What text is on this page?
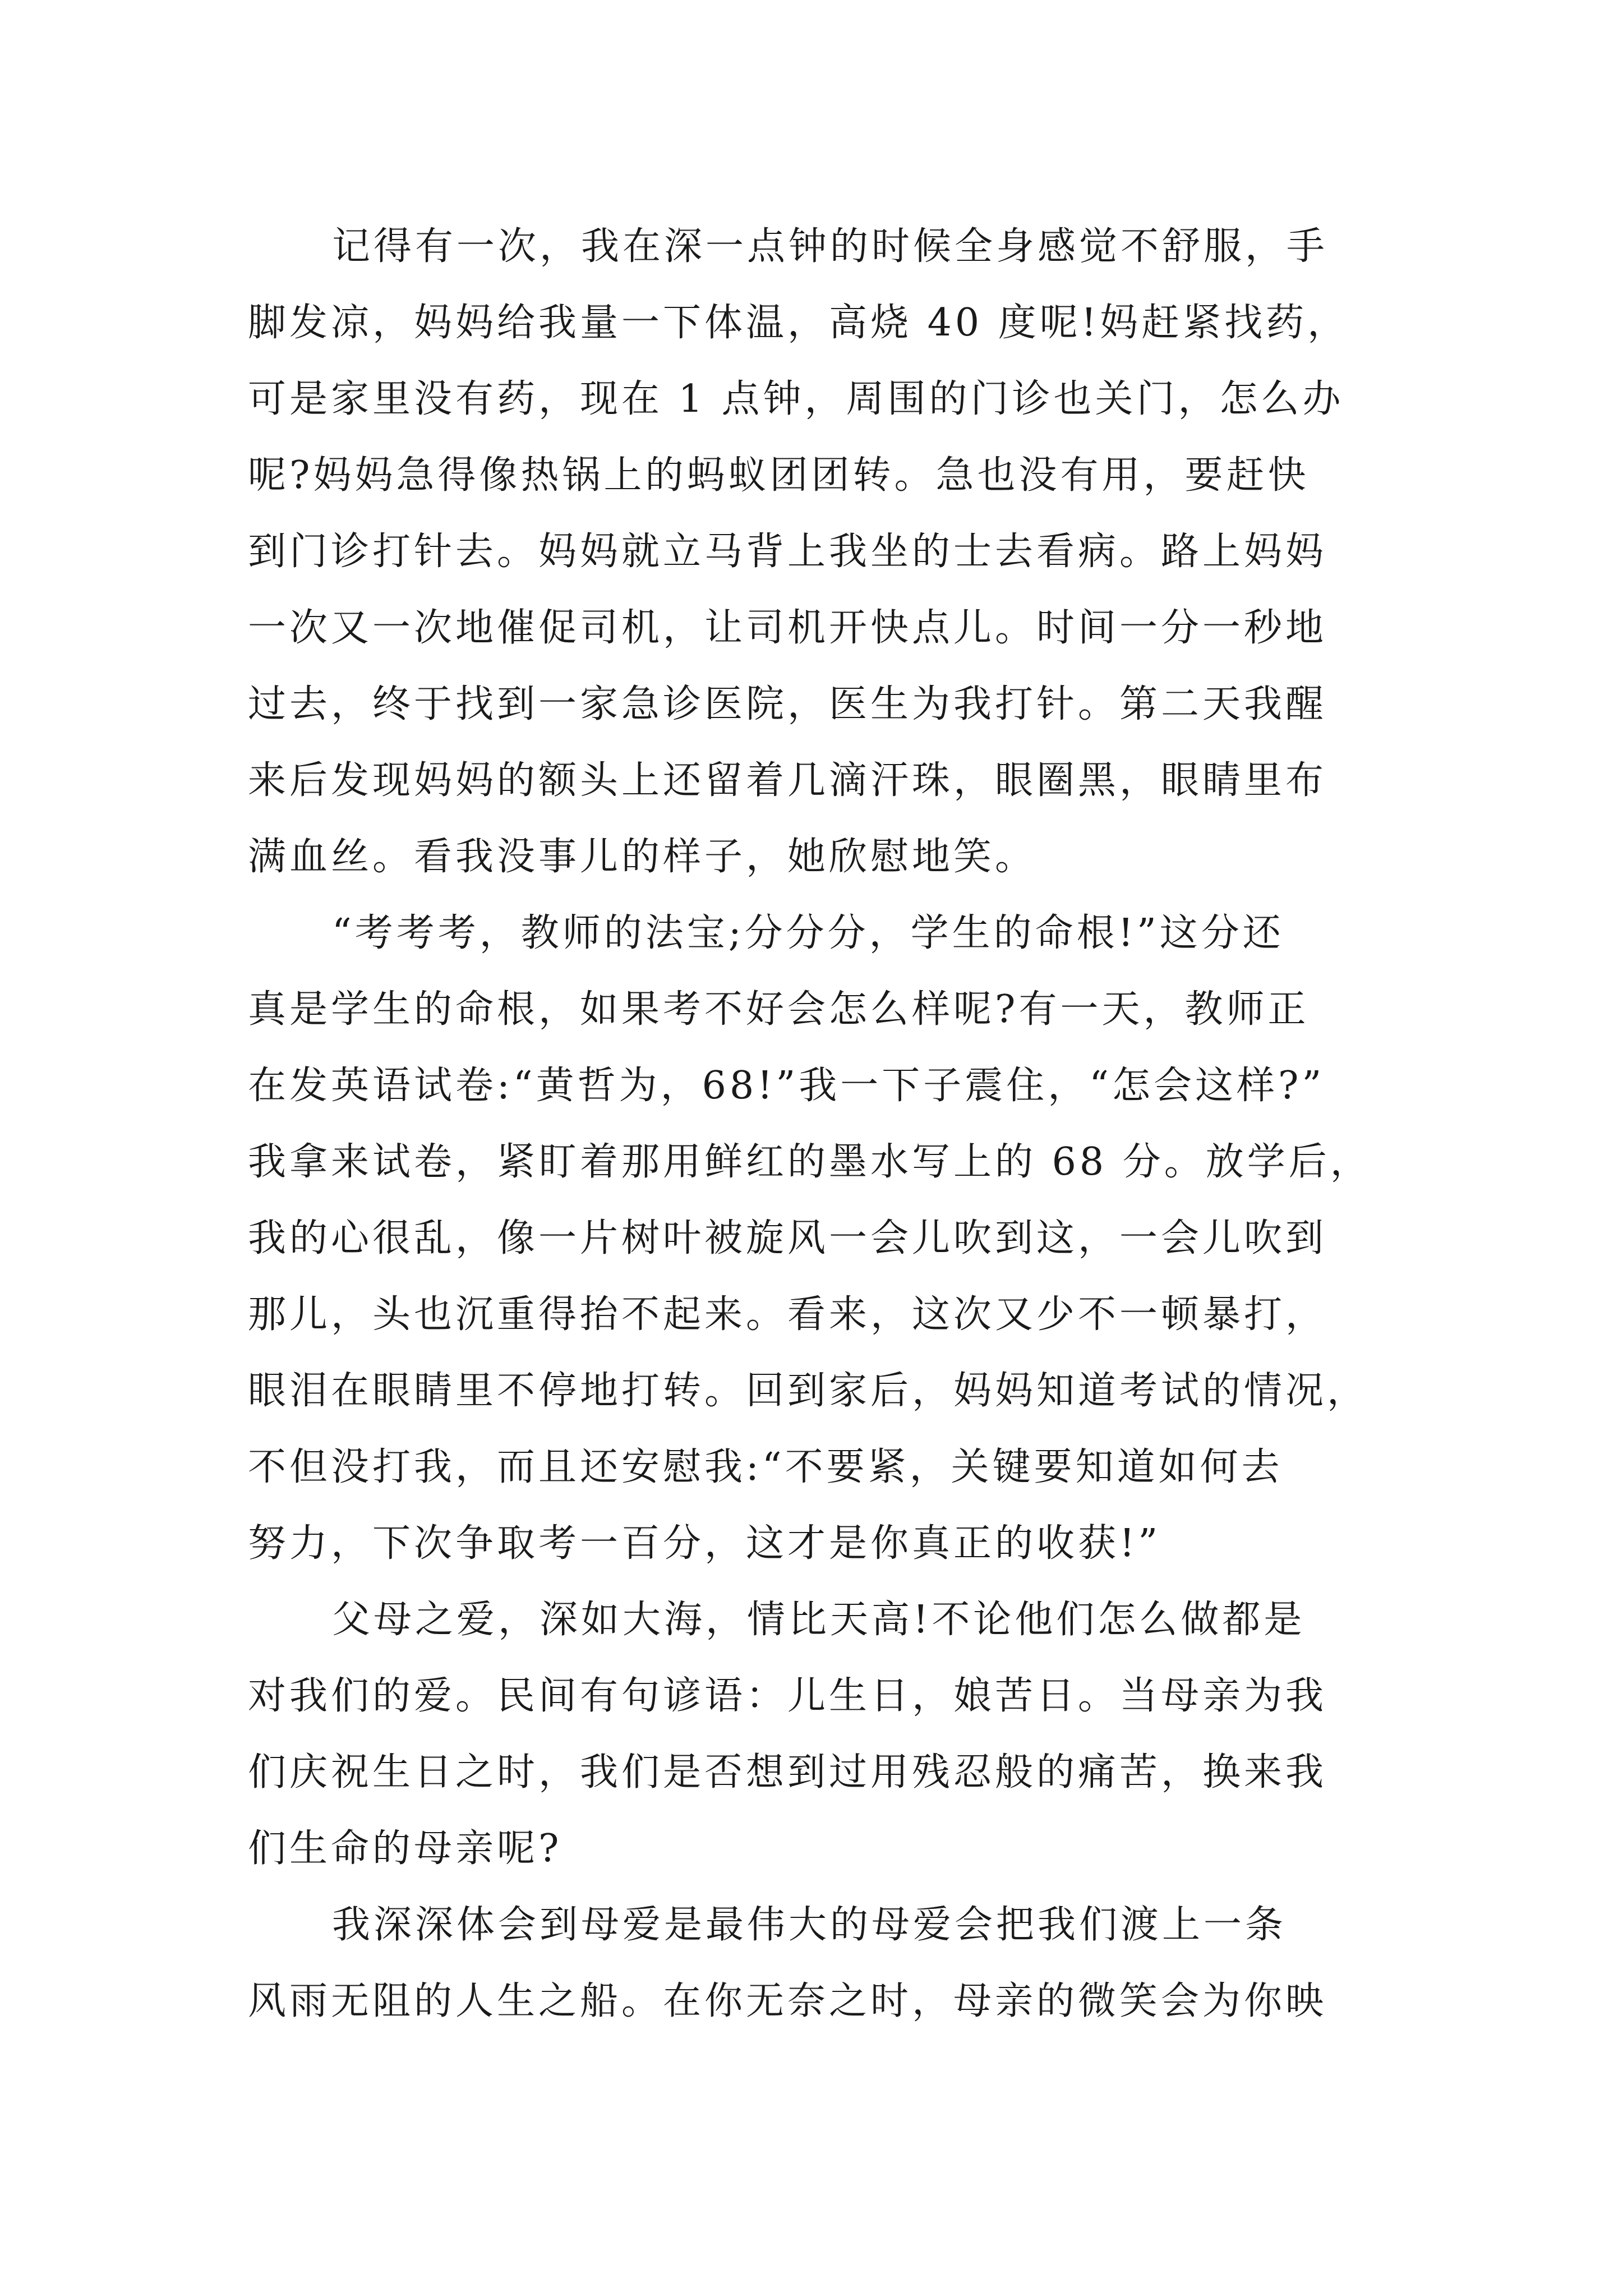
记得有一次，我在深一点钟的时候全身感觉不舒服，手
脚发凉，妈妈给我量一下体温，高烧 40 度呢!妈赶紧找药，
可是家里没有药，现在 1 点钟，周围的门诊也关门，怎么办
呢?妈妈急得像热锅上的蚂蚁团团转。急也没有用，要赶快
到门诊打针去。妈妈就立马背上我坐的士去看病。路上妈妈
一次又一次地催促司机，让司机开快点儿。时间一分一秒地
过去，终于找到一家急诊医院，医生为我打针。第二天我醒
来后发现妈妈的额头上还留着几滴汗珠，眼圈黑，眼睛里布
满血丝。看我没事儿的样子，她欣慰地笑。
“考考考，教师的法宝;分分分，学生的命根!”这分还
真是学生的命根，如果考不好会怎么样呢?有一天，教师正
在发英语试卷:“黄哲为，68!”我一下子震住，“怎会这样?”
我拿来试卷，紧盯着那用鲜红的墨水写上的 68 分。放学后，
我的心很乱，像一片树叶被旋风一会儿吹到这，一会儿吹到
那儿，头也沉重得抬不起来。看来，这次又少不一顿暴打，
眼泪在眼睛里不停地打转。回到家后，妈妈知道考试的情况，
不但没打我，而且还安慰我:“不要紧，关键要知道如何去
努力，下次争取考一百分，这才是你真正的收获!”
父母之爱，深如大海，情比天高!不论他们怎么做都是
对我们的爱。民间有句谚语：儿生日，娘苦日。当母亲为我
们庆祝生日之时，我们是否想到过用残忍般的痛苦，换来我
们生命的母亲呢?
我深深体会到母爱是最伟大的母爱会把我们渡上一条
风雨无阻的人生之船。在你无奈之时，母亲的微笑会为你映
